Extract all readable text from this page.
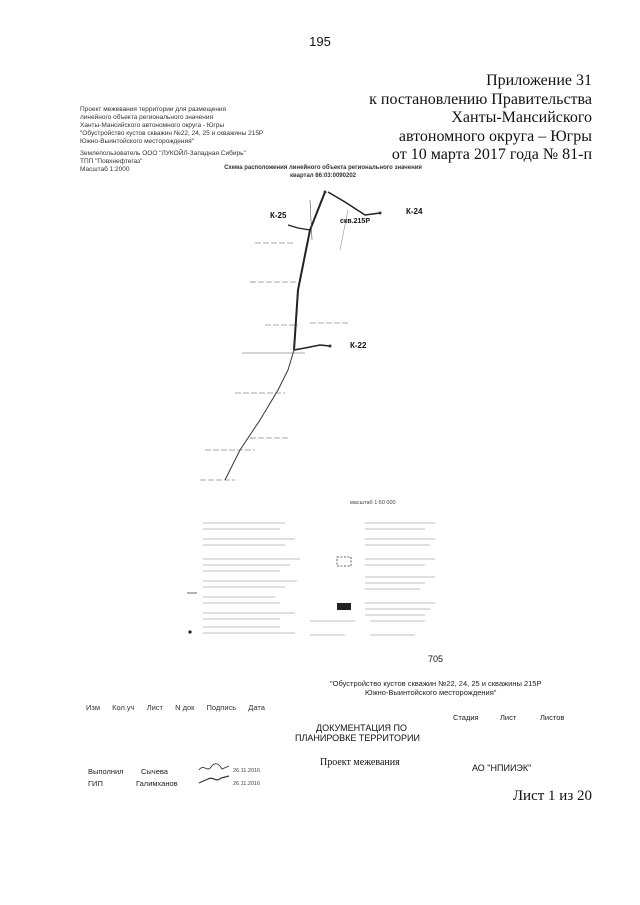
195
Приложение 31
к постановлению Правительства
Ханты-Мансийского
автономного округа – Югры
от 10 марта 2017 года № 81-п
Проект межевания территории для размещения
линейного объекта регионального значения
Ханты-Мансийского автономного округа - Югры
"Обустройство кустов скважин №22, 24, 25 и скважины 215Р
Южно-Выинтойского месторождения"
Землепользователь ООО "ЛУКОЙЛ-Западная Сибирь"
ТПП "Повхнефтегаз"
Масштаб 1:2000	Схема расположения линейного объекта регионального значения
квартал 86:03:0090202
К-25	К-24
К-22
скв.215Р
масштаб 1:60 000
705
"Обустройство кустов скважин №22, 24, 25 и скважины 215Р
Южно-Выинтойского месторождения"
Изм Кол.уч Лист N док Подпись Дата
Стадия	Лист	Листов
ДОКУМЕНТАЦИЯ ПО
ПЛАНИРОВКЕ ТЕРРИТОРИИ
Проект межевания	АО "НПИИЭК"
Выполнил Сычева	26.11.2016
ГИП	Галимханов	26.11.2016
Лист 1 из 20
